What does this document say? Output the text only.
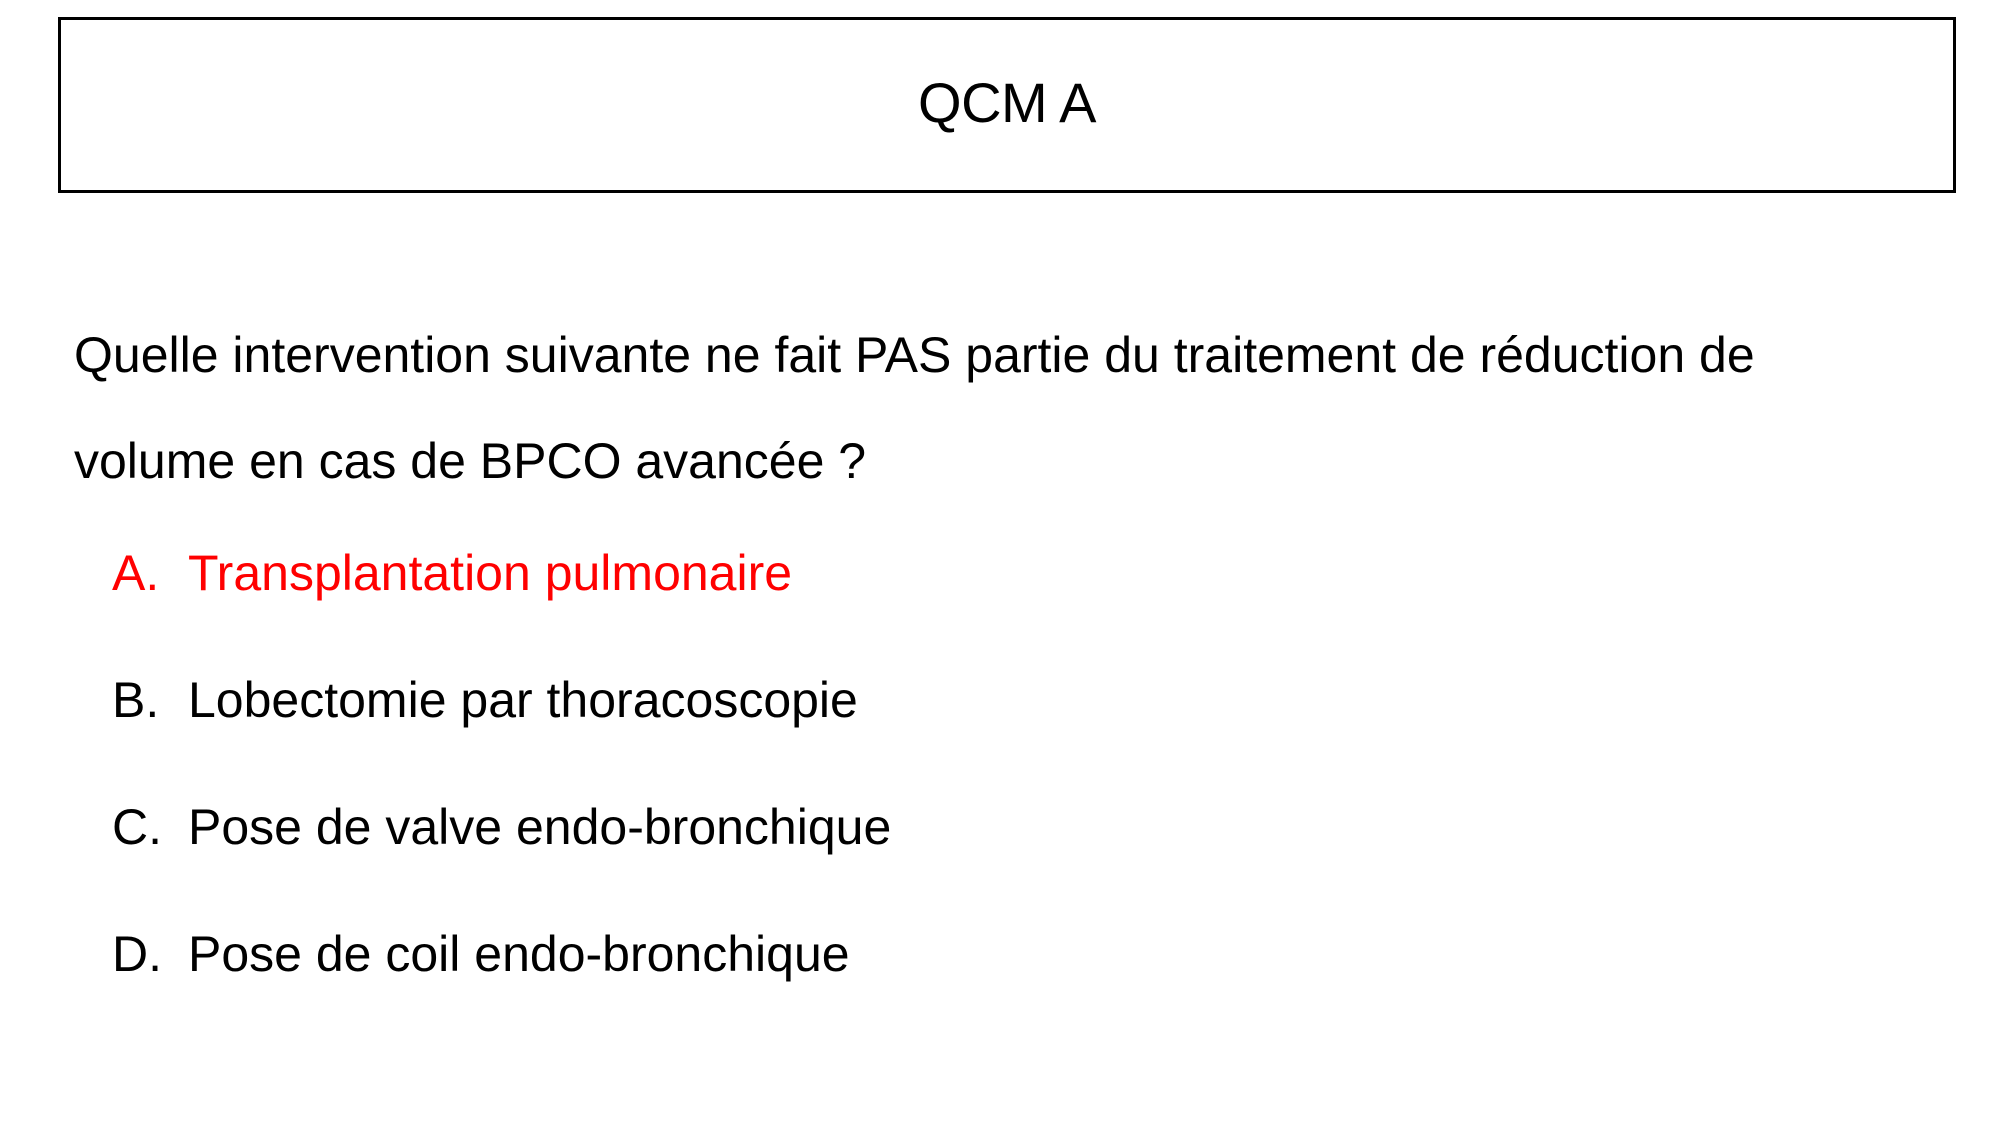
QCM A
Quelle intervention suivante ne fait PAS partie du traitement de réduction de
volume en cas de BPCO avancée ?
A. Transplantation pulmonaire
B. Lobectomie par thoracoscopie
C. Pose de valve endo-bronchique
D. Pose de coil endo-bronchique
